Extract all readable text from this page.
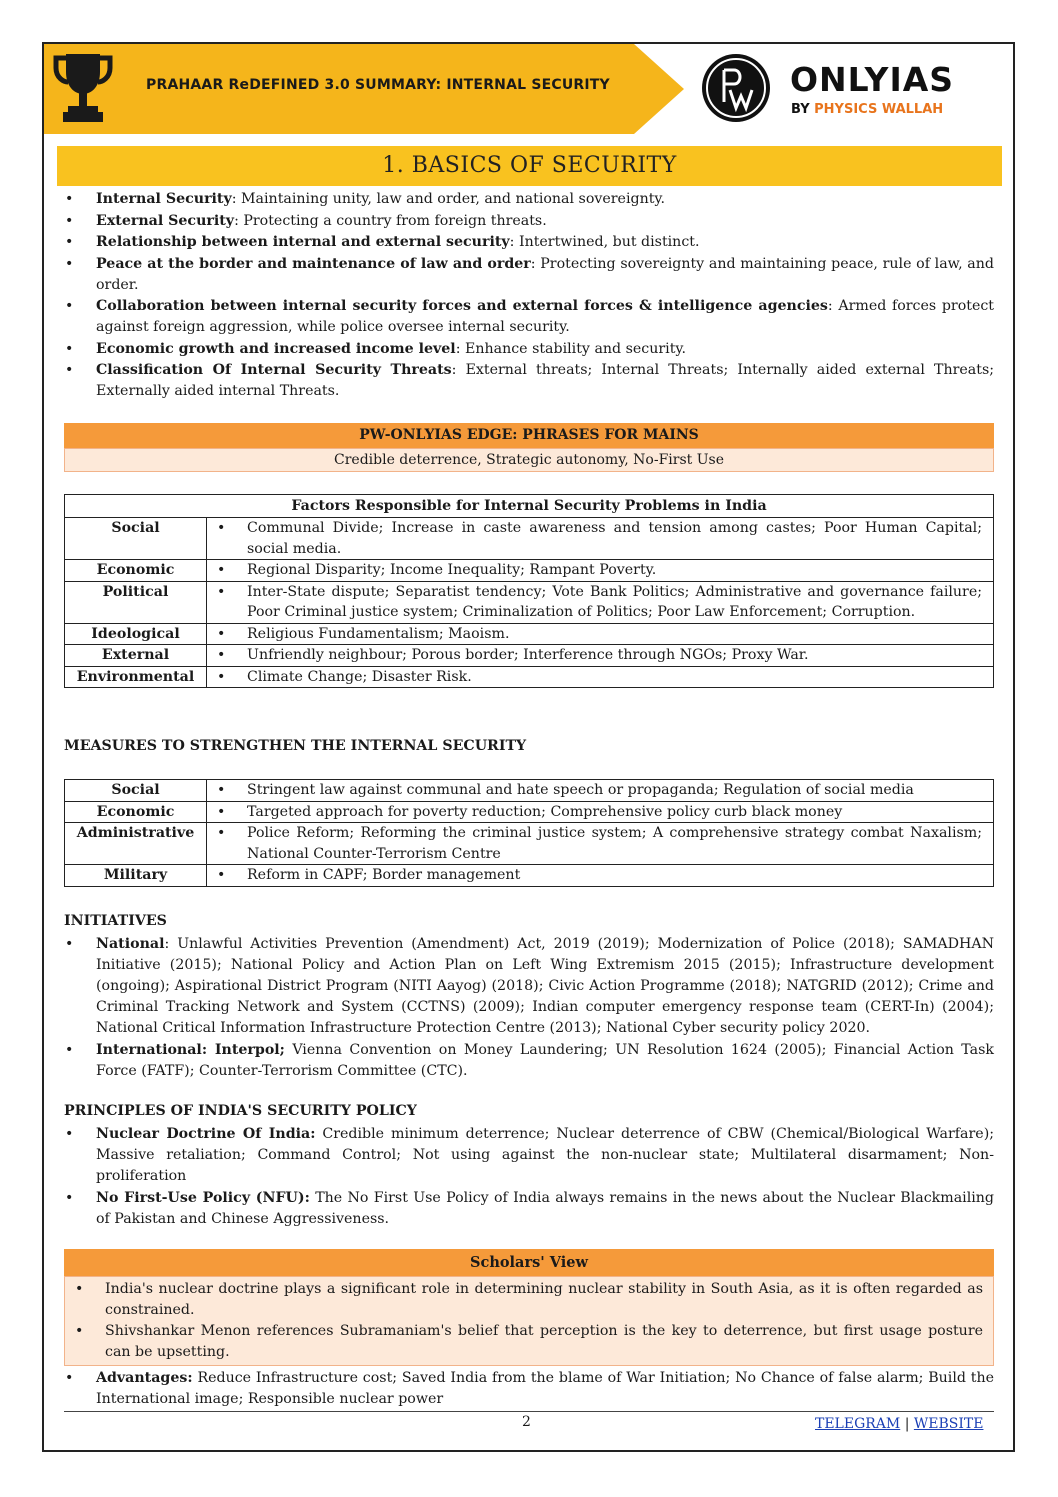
PRAHAAR ReDEFINED 3.0 SUMMARY: INTERNAL SECURITY	ONLYIAS
BY PHYSICS WALLAH
1. BASICS OF SECURITY
• Internal Security: Maintaining unity, law and order, and national sovereignty.
• External Security: Protecting a country from foreign threats.
• Relationship between internal and external security: Intertwined, but distinct.
• Peace at the border and maintenance of law and order: Protecting sovereignty and maintaining peace, rule of law, and order.
• Collaboration between internal security forces and external forces & intelligence agencies: Armed forces protect against foreign aggression, while police oversee internal security.
• Economic growth and increased income level: Enhance stability and security.
• Classification Of Internal Security Threats: External threats; Internal Threats; Internally aided external Threats; Externally aided internal Threats.
PW-ONLYIAS EDGE: PHRASES FOR MAINS
Credible deterrence, Strategic autonomy, No-First Use
Factors Responsible for Internal Security Problems in India	
Social	• Communal Divide; Increase in caste awareness and tension among castes; Poor Human Capital; social media.
Economic	• Regional Disparity; Income Inequality; Rampant Poverty.
Political	• Inter-State dispute; Separatist tendency; Vote Bank Politics; Administrative and governance failure; Poor Criminal justice system; Criminalization of Politics; Poor Law Enforcement; Corruption.
Ideological	• Religious Fundamentalism; Maoism.
External	• Unfriendly neighbour; Porous border; Interference through NGOs; Proxy War.
Environmental	• Climate Change; Disaster Risk.
MEASURES TO STRENGTHEN THE INTERNAL SECURITY
Social	• Stringent law against communal and hate speech or propaganda; Regulation of social media
Economic	• Targeted approach for poverty reduction; Comprehensive policy curb black money
Administrative	• Police Reform; Reforming the criminal justice system; A comprehensive strategy combat Naxalism; National Counter-Terrorism Centre
Military	• Reform in CAPF; Border management
INITIATIVES
• National: Unlawful Activities Prevention (Amendment) Act, 2019 (2019); Modernization of Police (2018); SAMADHAN Initiative (2015); National Policy and Action Plan on Left Wing Extremism 2015 (2015); Infrastructure development (ongoing); Aspirational District Program (NITI Aayog) (2018); Civic Action Programme (2018); NATGRID (2012); Crime and Criminal Tracking Network and System (CCTNS) (2009); Indian computer emergency response team (CERT-In) (2004); National Critical Information Infrastructure Protection Centre (2013); National Cyber security policy 2020.
• International: Interpol; Vienna Convention on Money Laundering; UN Resolution 1624 (2005); Financial Action Task Force (FATF); Counter-Terrorism Committee (CTC).
PRINCIPLES OF INDIA'S SECURITY POLICY
• Nuclear Doctrine Of India: Credible minimum deterrence; Nuclear deterrence of CBW (Chemical/Biological Warfare); Massive retaliation; Command Control; Not using against the non-nuclear state; Multilateral disarmament; Non-proliferation
• No First-Use Policy (NFU): The No First Use Policy of India always remains in the news about the Nuclear Blackmailing of Pakistan and Chinese Aggressiveness.
Scholars' View
• India's nuclear doctrine plays a significant role in determining nuclear stability in South Asia, as it is often regarded as constrained.
• Shivshankar Menon references Subramaniam's belief that perception is the key to deterrence, but first usage posture can be upsetting.
• Advantages: Reduce Infrastructure cost; Saved India from the blame of War Initiation; No Chance of false alarm; Build the International image; Responsible nuclear power
2	TELEGRAM | WEBSITE
